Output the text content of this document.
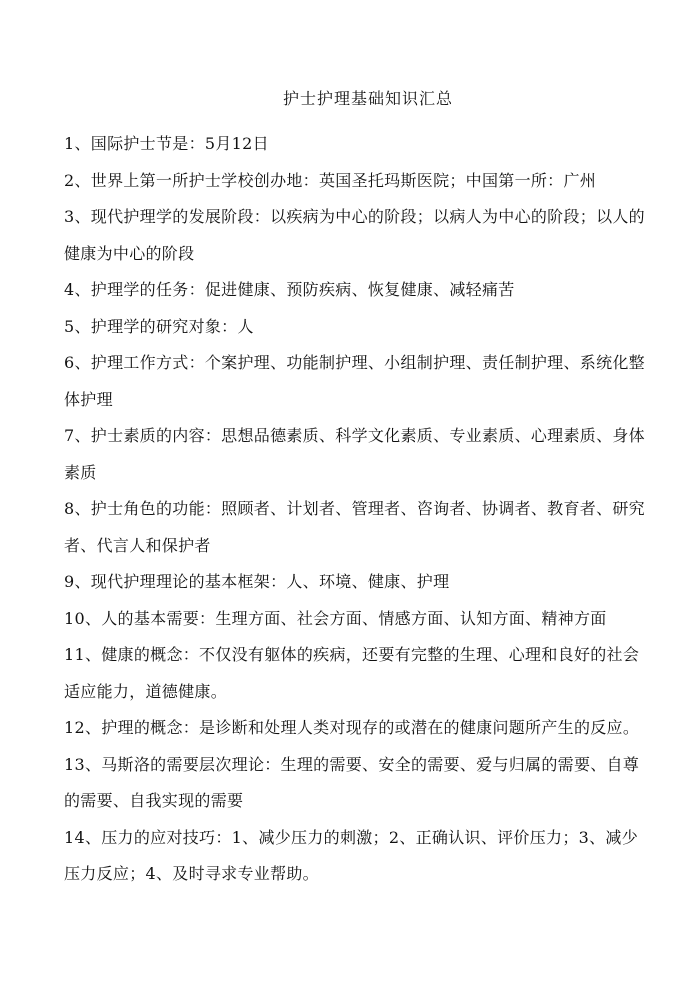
护士护理基础知识汇总

1、国际护士节是：5月12日

2、世界上第一所护士学校创办地：英国圣托玛斯医院；中国第一所：广州

3、现代护理学的发展阶段：以疾病为中心的阶段；以病人为中心的阶段；以人的健康为中心的阶段

4、护理学的任务：促进健康、预防疾病、恢复健康、减轻痛苦

5、护理学的研究对象：人

6、护理工作方式：个案护理、功能制护理、小组制护理、责任制护理、系统化整体护理

7、护士素质的内容：思想品德素质、科学文化素质、专业素质、心理素质、身体素质

8、护士角色的功能：照顾者、计划者、管理者、咨询者、协调者、教育者、研究者、代言人和保护者

9、现代护理理论的基本框架：人、环境、健康、护理

10、人的基本需要：生理方面、社会方面、情感方面、认知方面、精神方面

11、健康的概念：不仅没有躯体的疾病，还要有完整的生理、心理和良好的社会适应能力，道德健康。

12、护理的概念：是诊断和处理人类对现存的或潜在的健康问题所产生的反应。

13、马斯洛的需要层次理论：生理的需要、安全的需要、爱与归属的需要、自尊的需要、自我实现的需要

14、压力的应对技巧：1、减少压力的刺激；2、正确认识、评价压力；3、减少压力反应；4、及时寻求专业帮助。
